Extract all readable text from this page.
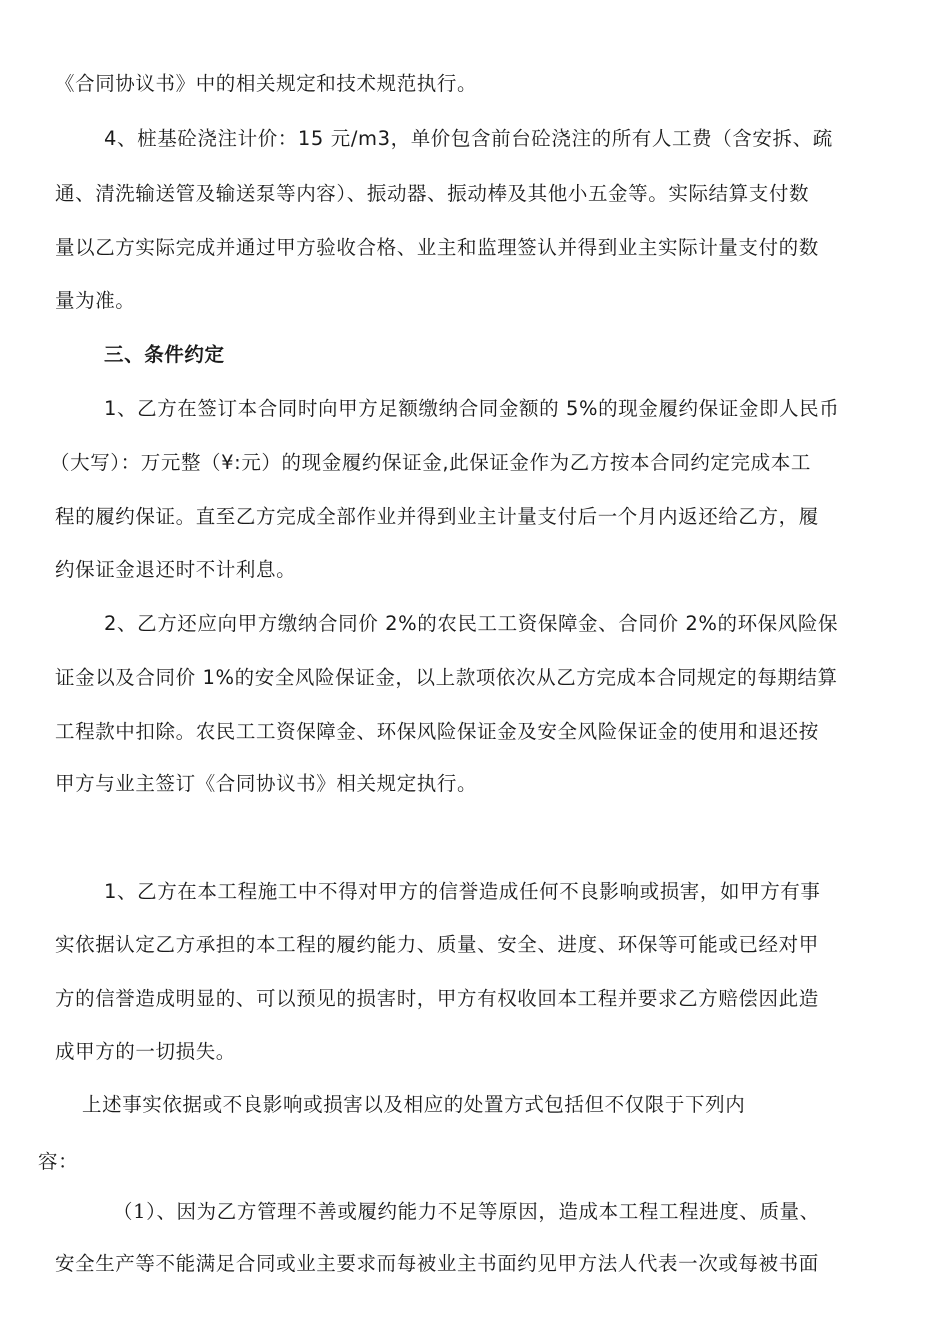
《合同协议书》中的相关规定和技术规范执行。
4、桩基砼浇注计价：15 元/m3，单价包含前台砼浇注的所有人工费（含安拆、疏
通、清洗输送管及输送泵等内容）、振动器、振动棒及其他小五金等。实际结算支付数
量以乙方实际完成并通过甲方验收合格、业主和监理签认并得到业主实际计量支付的数
量为准。
三、条件约定
1、乙方在签订本合同时向甲方足额缴纳合同金额的 5%的现金履约保证金即人民币
（大写）：万元整（¥:元）的现金履约保证金,此保证金作为乙方按本合同约定完成本工
程的履约保证。直至乙方完成全部作业并得到业主计量支付后一个月内返还给乙方，履
约保证金退还时不计利息。
2、乙方还应向甲方缴纳合同价 2%的农民工工资保障金、合同价 2%的环保风险保
证金以及合同价 1%的安全风险保证金，以上款项依次从乙方完成本合同规定的每期结算
工程款中扣除。农民工工资保障金、环保风险保证金及安全风险保证金的使用和退还按
甲方与业主签订《合同协议书》相关规定执行。
1、乙方在本工程施工中不得对甲方的信誉造成任何不良影响或损害，如甲方有事
实依据认定乙方承担的本工程的履约能力、质量、安全、进度、环保等可能或已经对甲
方的信誉造成明显的、可以预见的损害时，甲方有权收回本工程并要求乙方赔偿因此造
成甲方的一切损失。
上述事实依据或不良影响或损害以及相应的处置方式包括但不仅限于下列内
容：
（1）、因为乙方管理不善或履约能力不足等原因，造成本工程工程进度、质量、
安全生产等不能满足合同或业主要求而每被业主书面约见甲方法人代表一次或每被书面
